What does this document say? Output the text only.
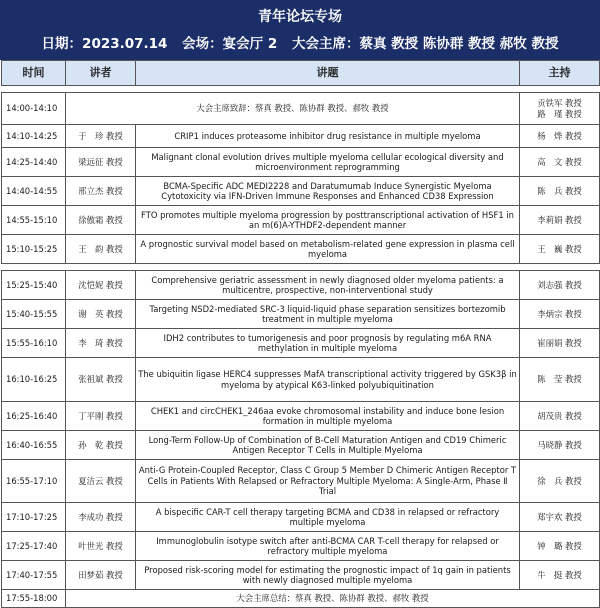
青年论坛专场
日期：2023.07.14 会场：宴会厅 2 大会主席：蔡真 教授 陈协群 教授 郝牧 教授
时间	讲者	讲题	主持

14:00-14:10	大会主席致辞：蔡真 教授、陈协群 教授、郝牧 教授		贡铁军 教授
路　瑾 教授

14:10-14:25	于　珍 教授	CRIP1 induces proteasome inhibitor drug resistance in multiple myeloma	杨　烨 教授
14:25-14:40	梁远征 教授	Malignant clonal evolution drives multiple myeloma cellular ecological diversity and microenvironment reprogramming	高　文 教授
14:40-14:55	邢立杰 教授	BCMA-Specific ADC MEDI2228 and Daratumumab Induce Synergistic Myeloma Cytotoxicity via IFN-Driven Immune Responses and Enhanced CD38 Expression	陈　兵 教授
14:55-15:10	徐傲霜 教授	FTO promotes multiple myeloma progression by posttranscriptional activation of HSF1 in an m(6)A-YTHDF2-dependent manner	李莉娟 教授
15:10-15:25	王　韵 教授	A prognostic survival model based on metabolism-related gene expression in plasma cell myeloma	王　巍 教授

15:25-15:40	沈恺妮 教授	Comprehensive geriatric assessment in newly diagnosed older myeloma patients: a multicentre, prospective, non-interventional study	刘志强 教授
15:40-15:55	谢　英 教授	Targeting NSD2-mediated SRC-3 liquid-liquid phase separation sensitizes bortezomib treatment in multiple myeloma	李炳宗 教授
15:55-16:10	李　琦 教授	IDH2 contributes to tumorigenesis and poor prognosis by regulating m6A RNA methylation in multiple myeloma	崔丽娟 教授
16:10-16:25	张祖斌 教授	The ubiquitin ligase HERC4 suppresses MafA transcriptional activity triggered by GSK3β in myeloma by atypical K63-linked polyubiquitination	陈　莹 教授
16:25-16:40	丁平刚 教授	CHEK1 and circCHEK1_246aa evoke chromosomal instability and induce bone lesion formation in multiple myeloma	胡茂贵 教授
16:40-16:55	孙　乾 教授	Long-Term Follow-Up of Combination of B-Cell Maturation Antigen and CD19 Chimeric Antigen Receptor T Cells in Multiple Myeloma	马晓静 教授
16:55-17:10	夏洁云 教授	Anti-G Protein-Coupled Receptor, Class C Group 5 Member D Chimeric Antigen Receptor T Cells in Patients With Relapsed or Refractory Multiple Myeloma: A Single-Arm, Phase Ⅱ Trial	徐　兵 教授
17:10-17:25	李成功 教授	A bispecific CAR-T cell therapy targeting BCMA and CD38 in relapsed or refractory multiple myeloma	郑宇欢 教授
17:25-17:40	叶世光 教授	Immunoglobulin isotype switch after anti-BCMA CAR T-cell therapy for relapsed or refractory multiple myeloma	钟　璐 教授
17:40-17:55	田梦茹 教授	Proposed risk-scoring model for estimating the prognostic impact of 1q gain in patients with newly diagnosed multiple myeloma	牛　挺 教授
17:55-18:00	大会主席总结：蔡真 教授、陈协群 教授、郝牧 教授		
